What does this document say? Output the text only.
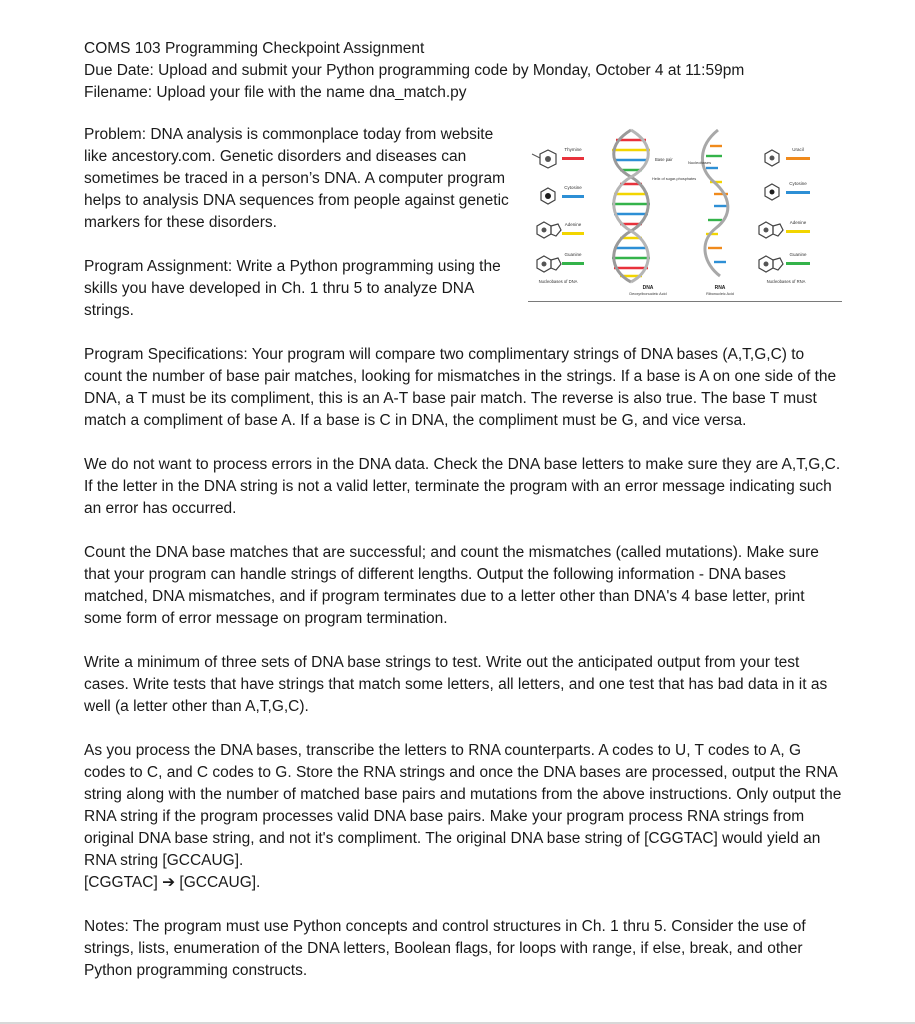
COMS 103 Programming Checkpoint Assignment
Due Date: Upload and submit your Python programming code by Monday, October 4 at 11:59pm
Filename: Upload your file with the name dna_match.py
Problem: DNA analysis is commonplace today from website like ancestory.com. Genetic disorders and diseases can sometimes be traced in a person’s DNA. A computer program helps to analysis DNA sequences from people against genetic markers for these disorders.
Program Assignment: Write a Python programming using the skills you have developed in Ch. 1 thru 5 to analyze DNA strings.
Thymine
Cytosine
Adenine
Guanine
Nucleobases of DNA
Base pair
Helix of sugar-phosphates
DNA
Deoxyribonucleic Acid
Nucleobases
RNA
Ribonucleic Acid
Uracil
Cytosine
Adenine
Guanine
Nucleobases of RNA

Program Specifications: Your program will compare two complimentary strings of DNA bases (A,T,G,C) to count the number of base pair matches, looking for mismatches in the strings. If a base is A on one side of the DNA, a T must be its compliment, this is an A-T base pair match. The reverse is also true. The base T must match a compliment of base A. If a base is C in DNA, the compliment must be G, and vice versa.

We do not want to process errors in the DNA data. Check the DNA base letters to make sure they are A,T,G,C. If the letter in the DNA string is not a valid letter, terminate the program with an error message indicating such an error has occurred.

Count the DNA base matches that are successful; and count the mismatches (called mutations). Make sure that your program can handle strings of different lengths. Output the following information - DNA bases matched, DNA mismatches, and if program terminates due to a letter other than DNA's 4 base letter, print some form of error message on program termination.

Write a minimum of three sets of DNA base strings to test. Write out the anticipated output from your test cases. Write tests that have strings that match some letters, all letters, and one test that has bad data in it as well (a letter other than A,T,G,C).

As you process the DNA bases, transcribe the letters to RNA counterparts. A codes to U, T codes to A, G codes to C, and C codes to G. Store the RNA strings and once the DNA bases are processed, output the RNA string along with the number of matched base pairs and mutations from the above instructions. Only output the RNA string if the program processes valid DNA base pairs. Make your program process RNA strings from original DNA base string, and not it's compliment. The original DNA base string of [CGGTAC] would yield an RNA string [GCCAUG].
[CGGTAC] ➔ [GCCAUG].

Notes: The program must use Python concepts and control structures in Ch. 1 thru 5. Consider the use of strings, lists, enumeration of the DNA letters, Boolean flags, for loops with range, if else, break, and other Python programming constructs.
